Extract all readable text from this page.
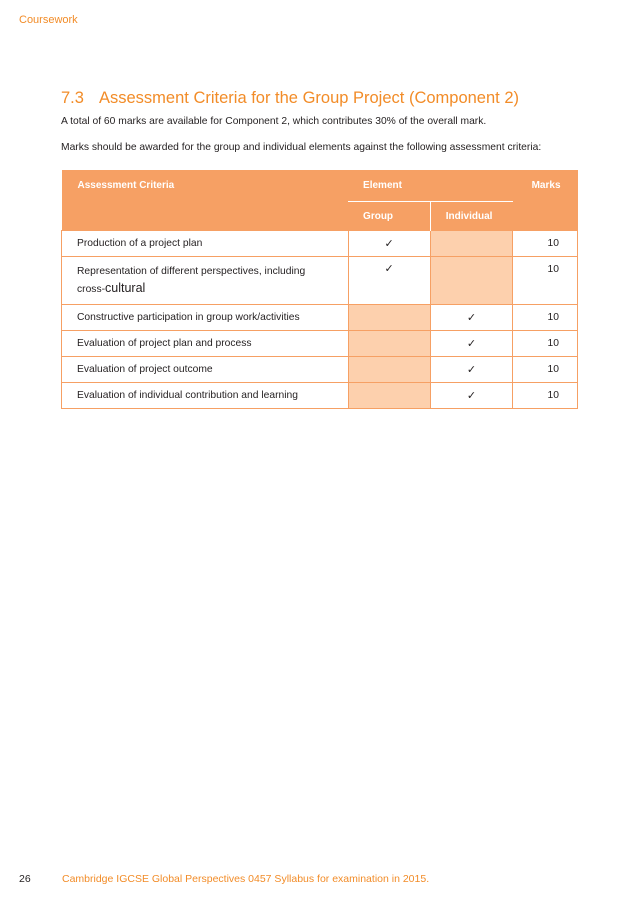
Coursework
7.3 Assessment Criteria for the Group Project (Component 2)
A total of 60 marks are available for Component 2, which contributes 30% of the overall mark.
Marks should be awarded for the group and individual elements against the following assessment criteria:
Assessment Criteria	Element		Marks
	Group	Individual	
Production of a project plan	✓		10
Representation of different perspectives, including
cross-cultural	✓		10
Constructive participation in group work/activities		✓	10
Evaluation of project plan and process		✓	10
Evaluation of project outcome		✓	10
Evaluation of individual contribution and learning		✓	10
26	Cambridge IGCSE Global Perspectives 0457 Syllabus for examination in 2015.
